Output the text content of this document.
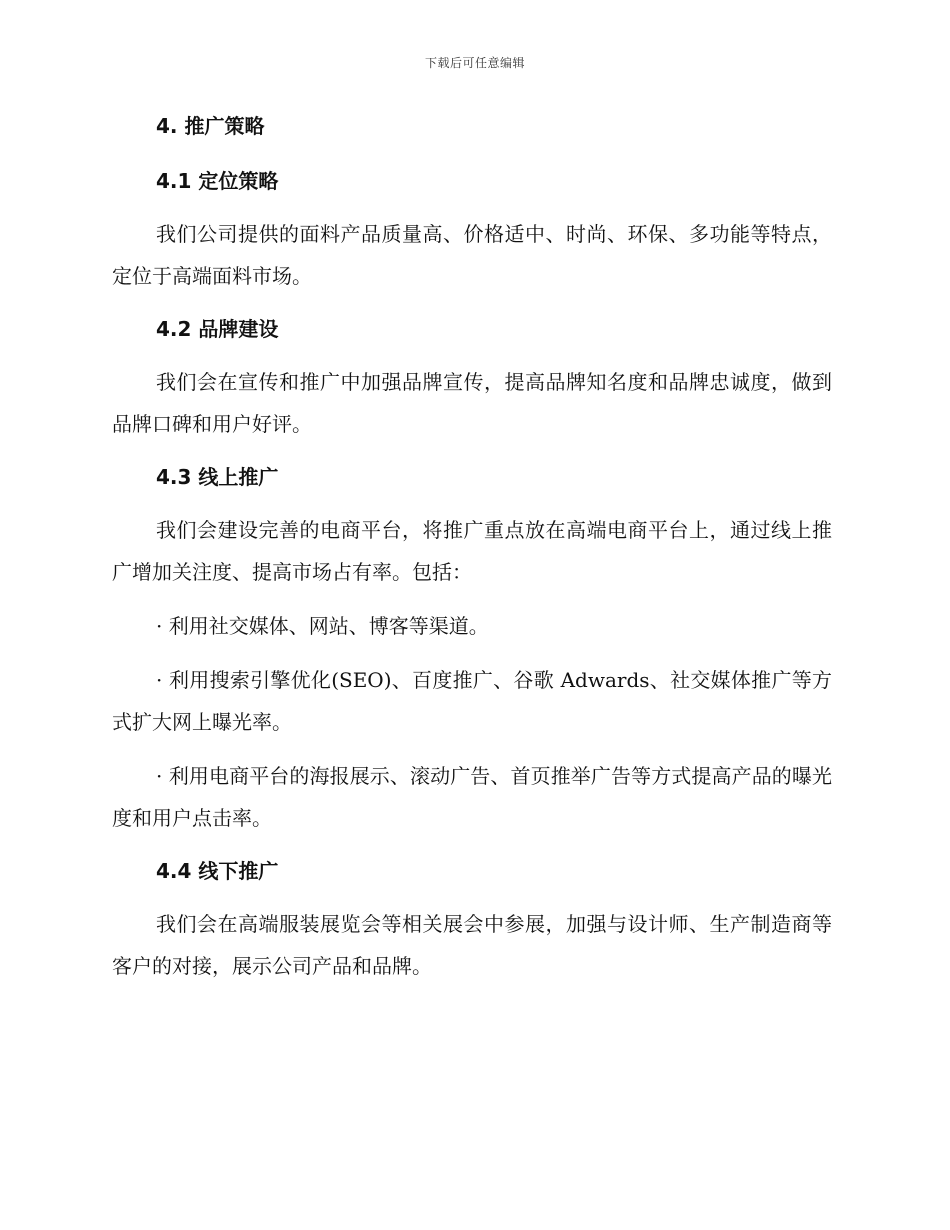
下载后可任意编辑
4. 推广策略
4.1 定位策略

我们公司提供的面料产品质量高、价格适中、时尚、环保、多功能等特点，定位于高端面料市场。

4.2 品牌建设

我们会在宣传和推广中加强品牌宣传，提高品牌知名度和品牌忠诚度，做到品牌口碑和用户好评。

4.3 线上推广

我们会建设完善的电商平台，将推广重点放在高端电商平台上，通过线上推广增加关注度、提高市场占有率。包括：

· 利用社交媒体、网站、博客等渠道。

· 利用搜索引擎优化(SEO)、百度推广、谷歌 Adwards、社交媒体推广等方式扩大网上曝光率。

· 利用电商平台的海报展示、滚动广告、首页推举广告等方式提高产品的曝光度和用户点击率。

4.4 线下推广

我们会在高端服装展览会等相关展会中参展，加强与设计师、生产制造商等客户的对接，展示公司产品和品牌。
